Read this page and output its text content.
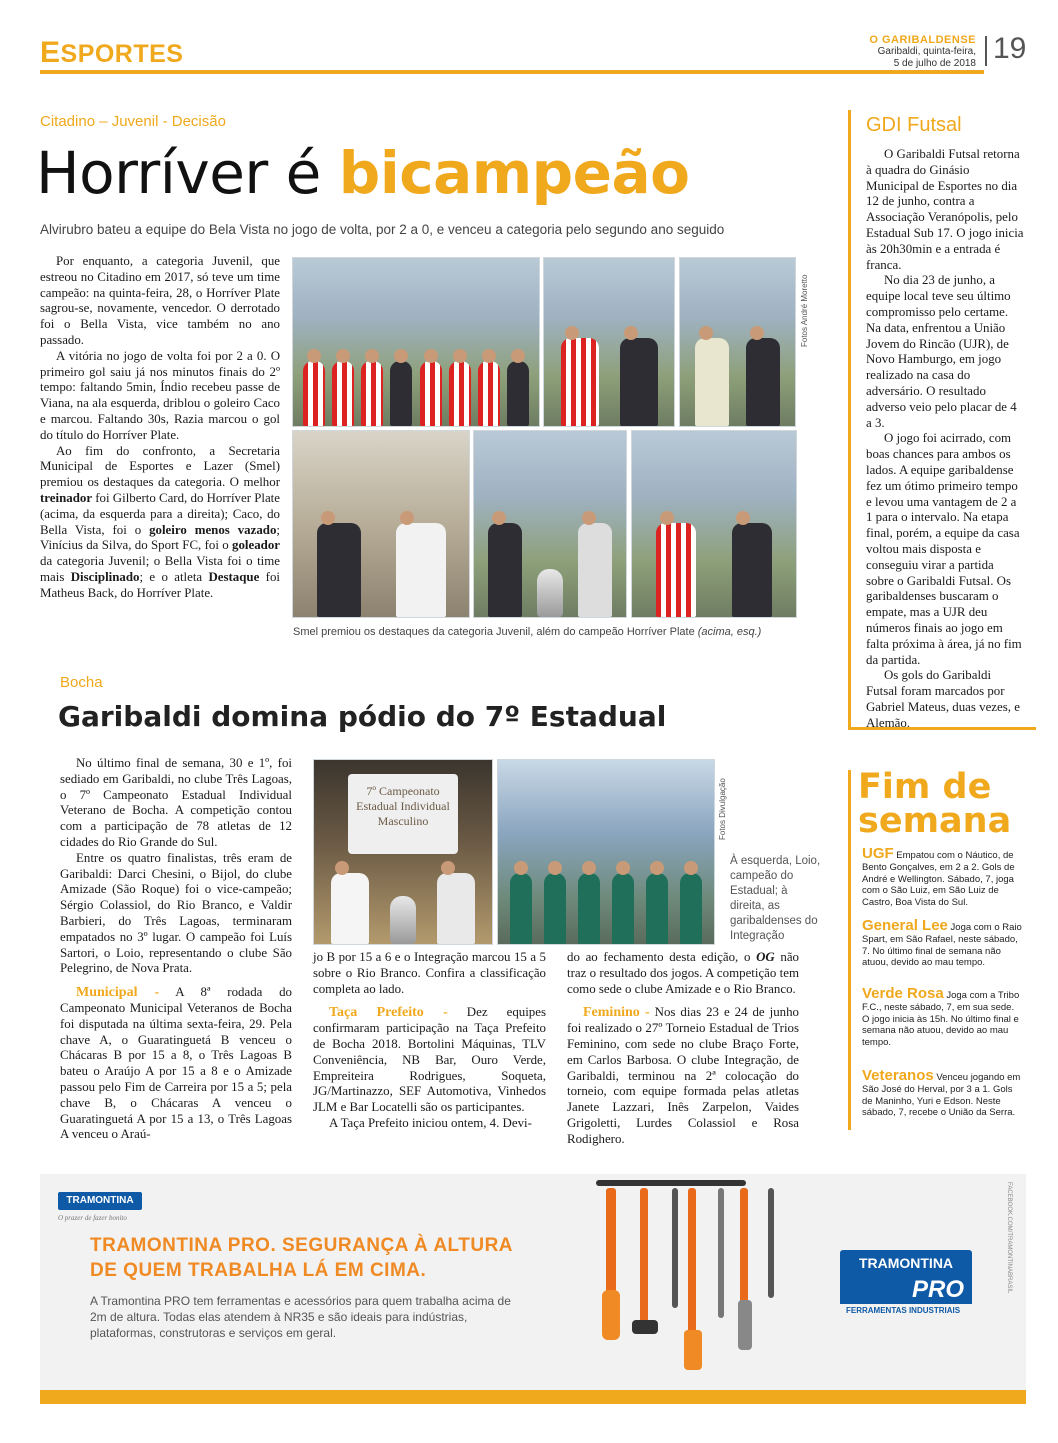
ESPORTES	O GARIBALDENSE
Garibaldi, quinta-feira,
5 de julho de 2018 19
Citadino – Juvenil - Decisão
Horríver é bicampeão
Alvirubro bateu a equipe do Bela Vista no jogo de volta, por 2 a 0, e venceu a categoria pelo segundo ano seguido

Por enquanto, a categoria Juvenil, que estreou no Citadino em 2017, só teve um time campeão: na quinta-feira, 28, o Horríver Plate sagrou-se, novamente, vencedor. O derrotado foi o Bella Vista, vice também no ano passado.

A vitória no jogo de volta foi por 2 a 0. O primeiro gol saiu já nos minutos finais do 2º tempo: faltando 5min, Índio recebeu passe de Viana, na ala esquerda, driblou o goleiro Caco e marcou. Faltando 30s, Razia marcou o gol do título do Horríver Plate.

Ao fim do confronto, a Secretaria Municipal de Esportes e Lazer (Smel) premiou os destaques da categoria. O melhor treinador foi Gilberto Card, do Horríver Plate (acima, da esquerda para a direita); Caco, do Bella Vista, foi o goleiro menos vazado; Vinícius da Silva, do Sport FC, foi o goleador da categoria Juvenil; o Bella Vista foi o time mais Disciplinado; e o atleta Destaque foi Matheus Back, do Horríver Plate.

Fotos André Moretto
Smel premiou os destaques da categoria Juvenil, além do campeão Horríver Plate (acima, esq.)
GDI Futsal

O Garibaldi Futsal retorna à quadra do Ginásio Municipal de Esportes no dia 12 de junho, contra a Associação Veranópolis, pelo Estadual Sub 17. O jogo inicia às 20h30min e a entrada é franca.

No dia 23 de junho, a equipe local teve seu último compromisso pelo certame. Na data, enfrentou a União Jovem do Rincão (UJR), de Novo Hamburgo, em jogo realizado na casa do adversário. O resultado adverso veio pelo placar de 4 a 3.

O jogo foi acirrado, com boas chances para ambos os lados. A equipe garibaldense fez um ótimo primeiro tempo e levou uma vantagem de 2 a 1 para o intervalo. Na etapa final, porém, a equipe da casa voltou mais disposta e conseguiu virar a partida sobre o Garibaldi Futsal. Os garibaldenses buscaram o empate, mas a UJR deu números finais ao jogo em falta próxima à área, já no fim da partida.

Os gols do Garibaldi Futsal foram marcados por Gabriel Mateus, duas vezes, e Alemão.

Bocha
Garibaldi domina pódio do 7º Estadual

No último final de semana, 30 e 1º, foi sediado em Garibaldi, no clube Três Lagoas, o 7º Campeonato Estadual Individual Veterano de Bocha. A competição contou com a participação de 78 atletas de 12 cidades do Rio Grande do Sul.

Entre os quatro finalistas, três eram de Garibaldi: Darci Chesini, o Bijol, do clube Amizade (São Roque) foi o vice-campeão; Sérgio Colassiol, do Rio Branco, e Valdir Barbieri, do Três Lagoas, terminaram empatados no 3º lugar. O campeão foi Luís Sartori, o Loio, representando o clube São Pelegrino, de Nova Prata.

Municipal - A 8ª rodada do Campeonato Municipal Veteranos de Bocha foi disputada na última sexta-feira, 29. Pela chave A, o Guaratinguetá B venceu o Chácaras B por 15 a 8, o Três Lagoas B bateu o Araújo A por 15 a 8 e o Amizade passou pelo Fim de Carreira por 15 a 5; pela chave B, o Chácaras A venceu o Guaratinguetá A por 15 a 13, o Três Lagoas A venceu o Araú-

7º Campeonato Estadual Individual Masculino	Fotos Divulgação
À esquerda, Loio, campeão do Estadual; à direita, as garibaldenses do Integração

jo B por 15 a 6 e o Integração marcou 15 a 5 sobre o Rio Branco. Confira a classificação completa ao lado.

Taça Prefeito - Dez equipes confirmaram participação na Taça Prefeito de Bocha 2018. Bortolini Máquinas, TLV Conveniência, NB Bar, Ouro Verde, Empreiteira Rodrigues, Soqueta, JG/Martinazzo, SEF Automotiva, Vinhedos JLM e Bar Locatelli são os participantes.

A Taça Prefeito iniciou ontem, 4. Devi-

do ao fechamento desta edição, o OG não traz o resultado dos jogos. A competição tem como sede o clube Amizade e o Rio Branco.

Feminino - Nos dias 23 e 24 de junho foi realizado o 27º Torneio Estadual de Trios Feminino, com sede no clube Braço Forte, em Carlos Barbosa. O clube Integração, de Garibaldi, terminou na 2ª colocação do torneio, com equipe formada pelas atletas Janete Lazzari, Inês Zarpelon, Vaides Grigoletti, Lurdes Colassiol e Rosa Rodighero.

Fim de
semana
UGF Empatou com o Náutico, de Bento Gonçalves, em 2 a 2. Gols de André e Wellington. Sábado, 7, joga com o São Luiz, em São Luiz de Castro, Boa Vista do Sul.
General Lee Joga com o Raio Spart, em São Rafael, neste sábado, 7. No último final de semana não atuou, devido ao mau tempo.
Verde Rosa Joga com a Tribo F.C., neste sábado, 7, em sua sede. O jogo inicia às 15h. No último final e semana não atuou, devido ao mau tempo.
Veteranos Venceu jogando em São José do Herval, por 3 a 1. Gols de Maninho, Yuri e Edson. Neste sábado, 7, recebe o União da Serra.
TRAMONTINA
O prazer de fazer bonito
TRAMONTINA PRO. SEGURANÇA À ALTURA
DE QUEM TRABALHA LÁ EM CIMA.
A Tramontina PRO tem ferramentas e acessórios para quem trabalha acima de 2m de altura. Todas elas atendem à NR35 e são ideais para indústrias, plataformas, construtoras e serviços em geral.
TRAMONTINA
PRO
FERRAMENTAS INDUSTRIAIS
FACEBOOK.COM/TRAMONTINABRASIL
